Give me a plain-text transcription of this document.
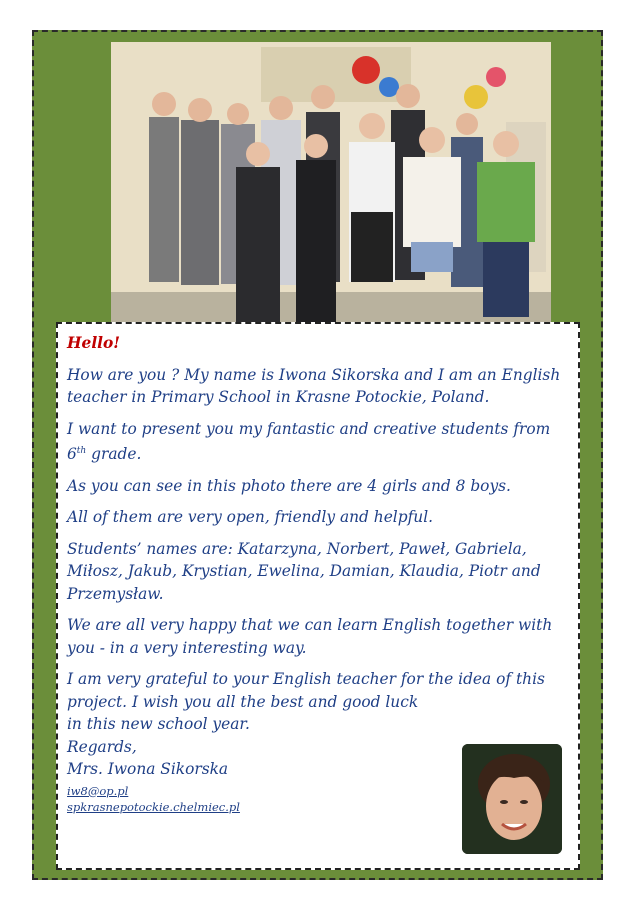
Hello!

How are you ? My name is Iwona Sikorska and I am an English teacher in Primary School in Krasne Potockie, Poland.

I want to present you my fantastic and creative students from 6th grade.

As you can see in this photo there are 4 girls and 8 boys.

All of them are very open, friendly and helpful.

Students’ names are: Katarzyna, Norbert, Paweł, Gabriela, Miłosz, Jakub, Krystian, Ewelina, Damian, Klaudia, Piotr and Przemysław.

We are all very happy that we can learn English together with you - in a very interesting way.

I am very grateful to your English teacher for the idea of this
project. I wish you all the best and good luck
in this new school year.
Regards,
Mrs. Iwona Sikorska
iw8@op.pl
spkrasnepotockie.chelmiec.pl
